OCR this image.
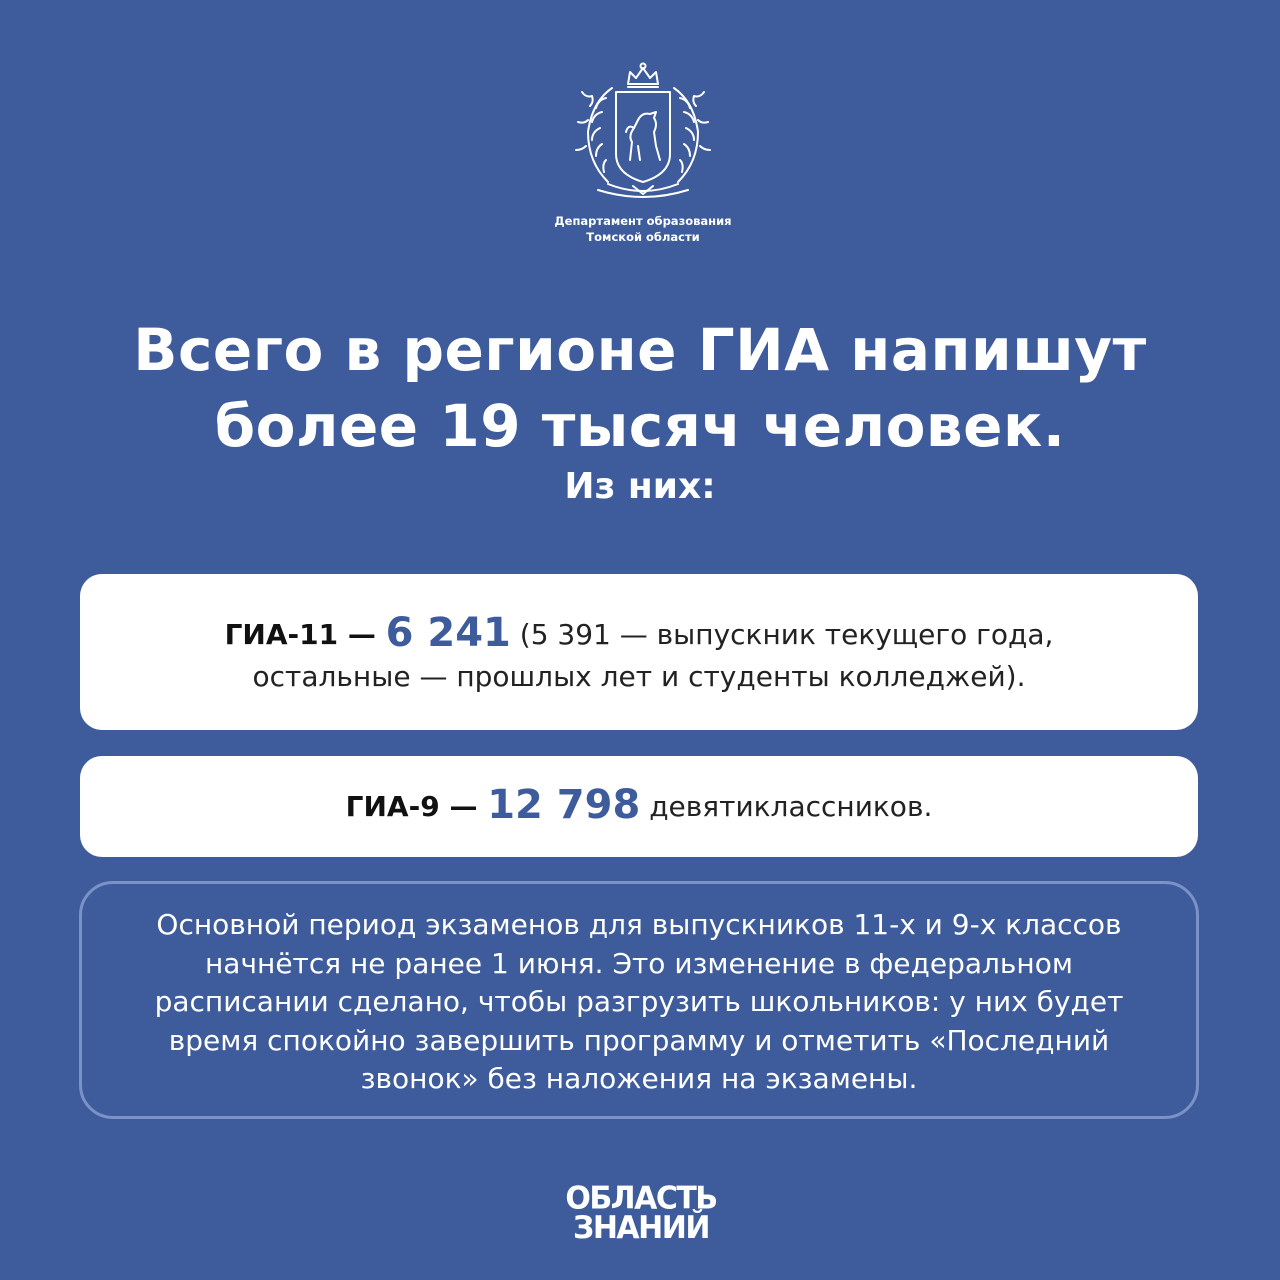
Департамент образования
Томской области
Всего в регионе ГИА напишут
более 19 тысяч человек.
Из них:
ГИА-11 — 6 241 (5 391 — выпускник текущего года,
остальные — прошлых лет и студенты колледжей).
ГИА-9 — 12 798 девятиклассников.
Основной период экзаменов для выпускников 11-х и 9-х классов
начнётся не ранее 1 июня. Это изменение в федеральном
расписании сделано, чтобы разгрузить школьников: у них будет
время спокойно завершить программу и отметить «Последний
звонок» без наложения на экзамены.
ОБЛАСТЬ
ЗНАНИЙ
